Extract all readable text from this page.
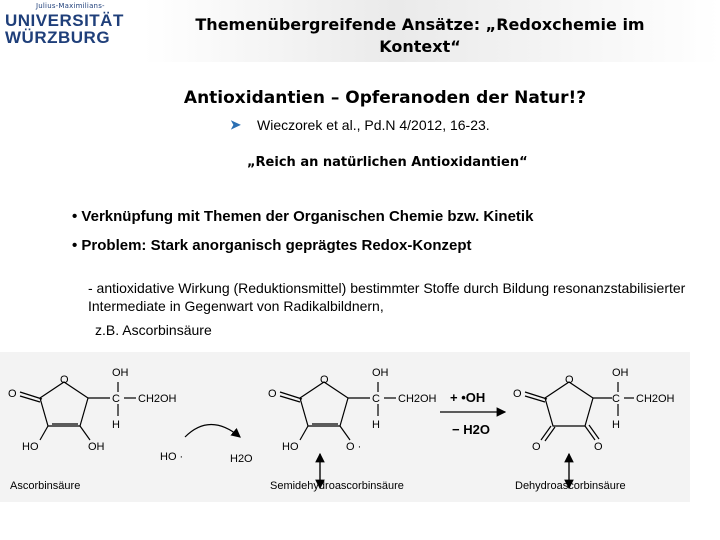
Julius-Maximilians-
UNIVERSITÄT
WÜRZBURG
Themenübergreifende Ansätze: „Redoxchemie im Kontext“
Antioxidantien – Opferanoden der Natur!?
➤ Wieczorek et al., Pd.N 4/2012, 16-23.
„Reich an natürlichen Antioxidantien“
• Verknüpfung mit Themen der Organischen Chemie bzw. Kinetik
• Problem: Stark anorganisch geprägtes Redox-Konzept
- antioxidative Wirkung (Reduktionsmittel) bestimmter Stoffe durch Bildung resonanzstabilisierter Intermediate in Gegenwart von Radikalbildnern,
z.B. Ascorbinsäure
O
O
C
OH
H
CH2OH
HO	OH
Ascorbinsäure
HO ·	H2O
O
O
C
OH
H
CH2OH
HO	O ·
Semidehydroascorbinsäure
+ •OH
− H2O
O
O
C
OH
H
CH2OH
O	O
Dehydroascorbinsäure
